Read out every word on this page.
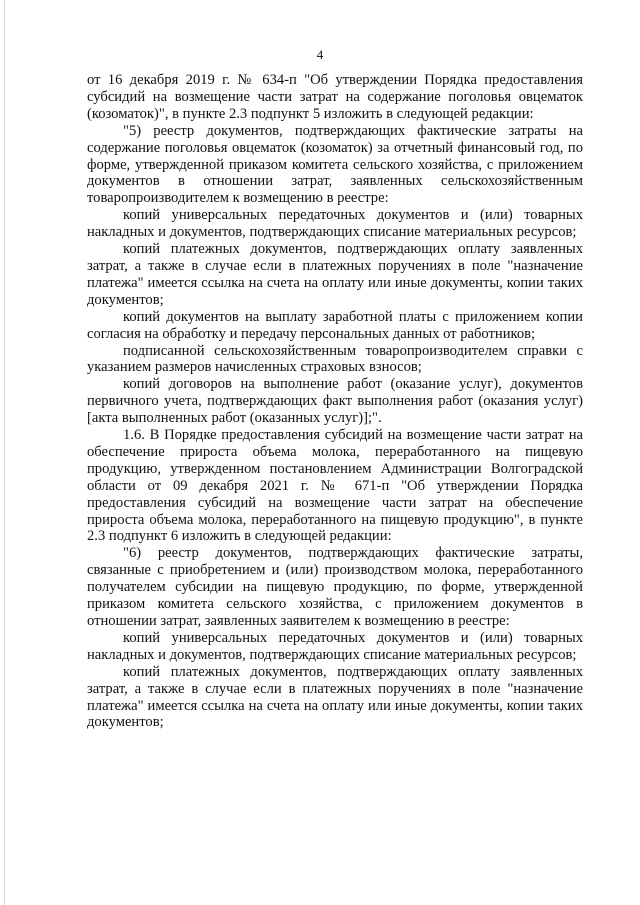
4

от 16 декабря 2019 г. № 634-п "Об утверждении Порядка предоставления субсидий на возмещение части затрат на содержание поголовья овцематок (козоматок)", в пункте 2.3 подпункт 5 изложить в следующей редакции:

"5) реестр документов, подтверждающих фактические затраты на содержание поголовья овцематок (козоматок) за отчетный финансовый год, по форме, утвержденной приказом комитета сельского хозяйства, с приложением документов в отношении затрат, заявленных сельскохозяйственным товаропроизводителем к возмещению в реестре:

копий универсальных передаточных документов и (или) товарных накладных и документов, подтверждающих списание материальных ресурсов;

копий платежных документов, подтверждающих оплату заявленных затрат, а также в случае если в платежных поручениях в поле "назначение платежа" имеется ссылка на счета на оплату или иные документы, копии таких документов;

копий документов на выплату заработной платы с приложением копии согласия на обработку и передачу персональных данных от работников;

подписанной сельскохозяйственным товаропроизводителем справки с указанием размеров начисленных страховых взносов;

копий договоров на выполнение работ (оказание услуг), документов первичного учета, подтверждающих факт выполнения работ (оказания услуг) [акта выполненных работ (оказанных услуг)];".

1.6. В Порядке предоставления субсидий на возмещение части затрат на обеспечение прироста объема молока, переработанного на пищевую продукцию, утвержденном постановлением Администрации Волгоградской области от 09 декабря 2021 г. № 671-п "Об утверждении Порядка предоставления субсидий на возмещение части затрат на обеспечение прироста объема молока, переработанного на пищевую продукцию", в пункте 2.3 подпункт 6 изложить в следующей редакции:

"6) реестр документов, подтверждающих фактические затраты, связанные с приобретением и (или) производством молока, переработанного получателем субсидии на пищевую продукцию, по форме, утвержденной приказом комитета сельского хозяйства, с приложением документов в отношении затрат, заявленных заявителем к возмещению в реестре:

копий универсальных передаточных документов и (или) товарных накладных и документов, подтверждающих списание материальных ресурсов;

копий платежных документов, подтверждающих оплату заявленных затрат, а также в случае если в платежных поручениях в поле "назначение платежа" имеется ссылка на счета на оплату или иные документы, копии таких документов;
